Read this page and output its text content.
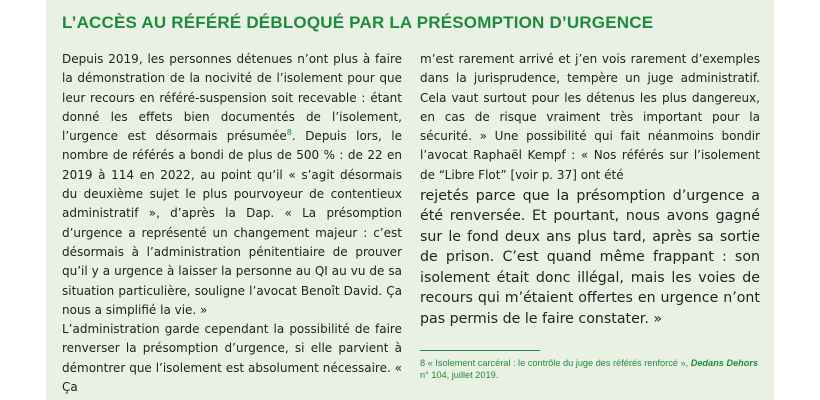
L’ACCÈS AU RÉFÉRÉ DÉBLOQUÉ PAR LA PRÉSOMPTION D’URGENCE

Depuis 2019, les personnes détenues n’ont plus à faire la démonstration de la nocivité de l’isolement pour que leur recours en référé-suspension soit recevable : étant donné les effets bien documentés de l’isolement, l’urgence est désormais présumée$^8$. Depuis lors, le nombre de référés a bondi de plus de 500 % : de 22 en 2019 à 114 en 2022, au point qu’il « s’agit désormais du deuxième sujet le plus pourvoyeur de contentieux administratif », d’après la Dap. « La présomption d’urgence a représenté un changement majeur : c’est désormais à l’administration pénitentiaire de prouver qu’il y a urgence à laisser la personne au QI au vu de sa situation particulière, souligne l’avocat Benoît David. Ça nous a simplifié la vie. »

L’administration garde cependant la possibilité de faire renverser la présomption d’urgence, si elle parvient à démontrer que l’isolement est absolument nécessaire. « Ça

m’est rarement arrivé et j’en vois rarement d’exemples dans la jurisprudence, tempère un juge administratif. Cela vaut surtout pour les détenus les plus dangereux, en cas de risque vraiment très important pour la sécurité. » Une possibilité qui fait néanmoins bondir l’avocat Raphaël Kempf : « Nos référés sur l’isolement de “Libre Flot” [voir p. 37] ont été
rejetés parce que la présomption d’urgence a été renversée. Et pourtant, nous avons gagné sur le fond deux ans plus tard, après sa sortie de prison. C’est quand même frappant : son isolement était donc illégal, mais les voies de recours qui m’étaient offertes en urgence n’ont pas permis de le faire constater. »

8 « Isolement carcéral : le contrôle du juge des référés renforcé », Dedans Dehors n° 104, juillet 2019.
